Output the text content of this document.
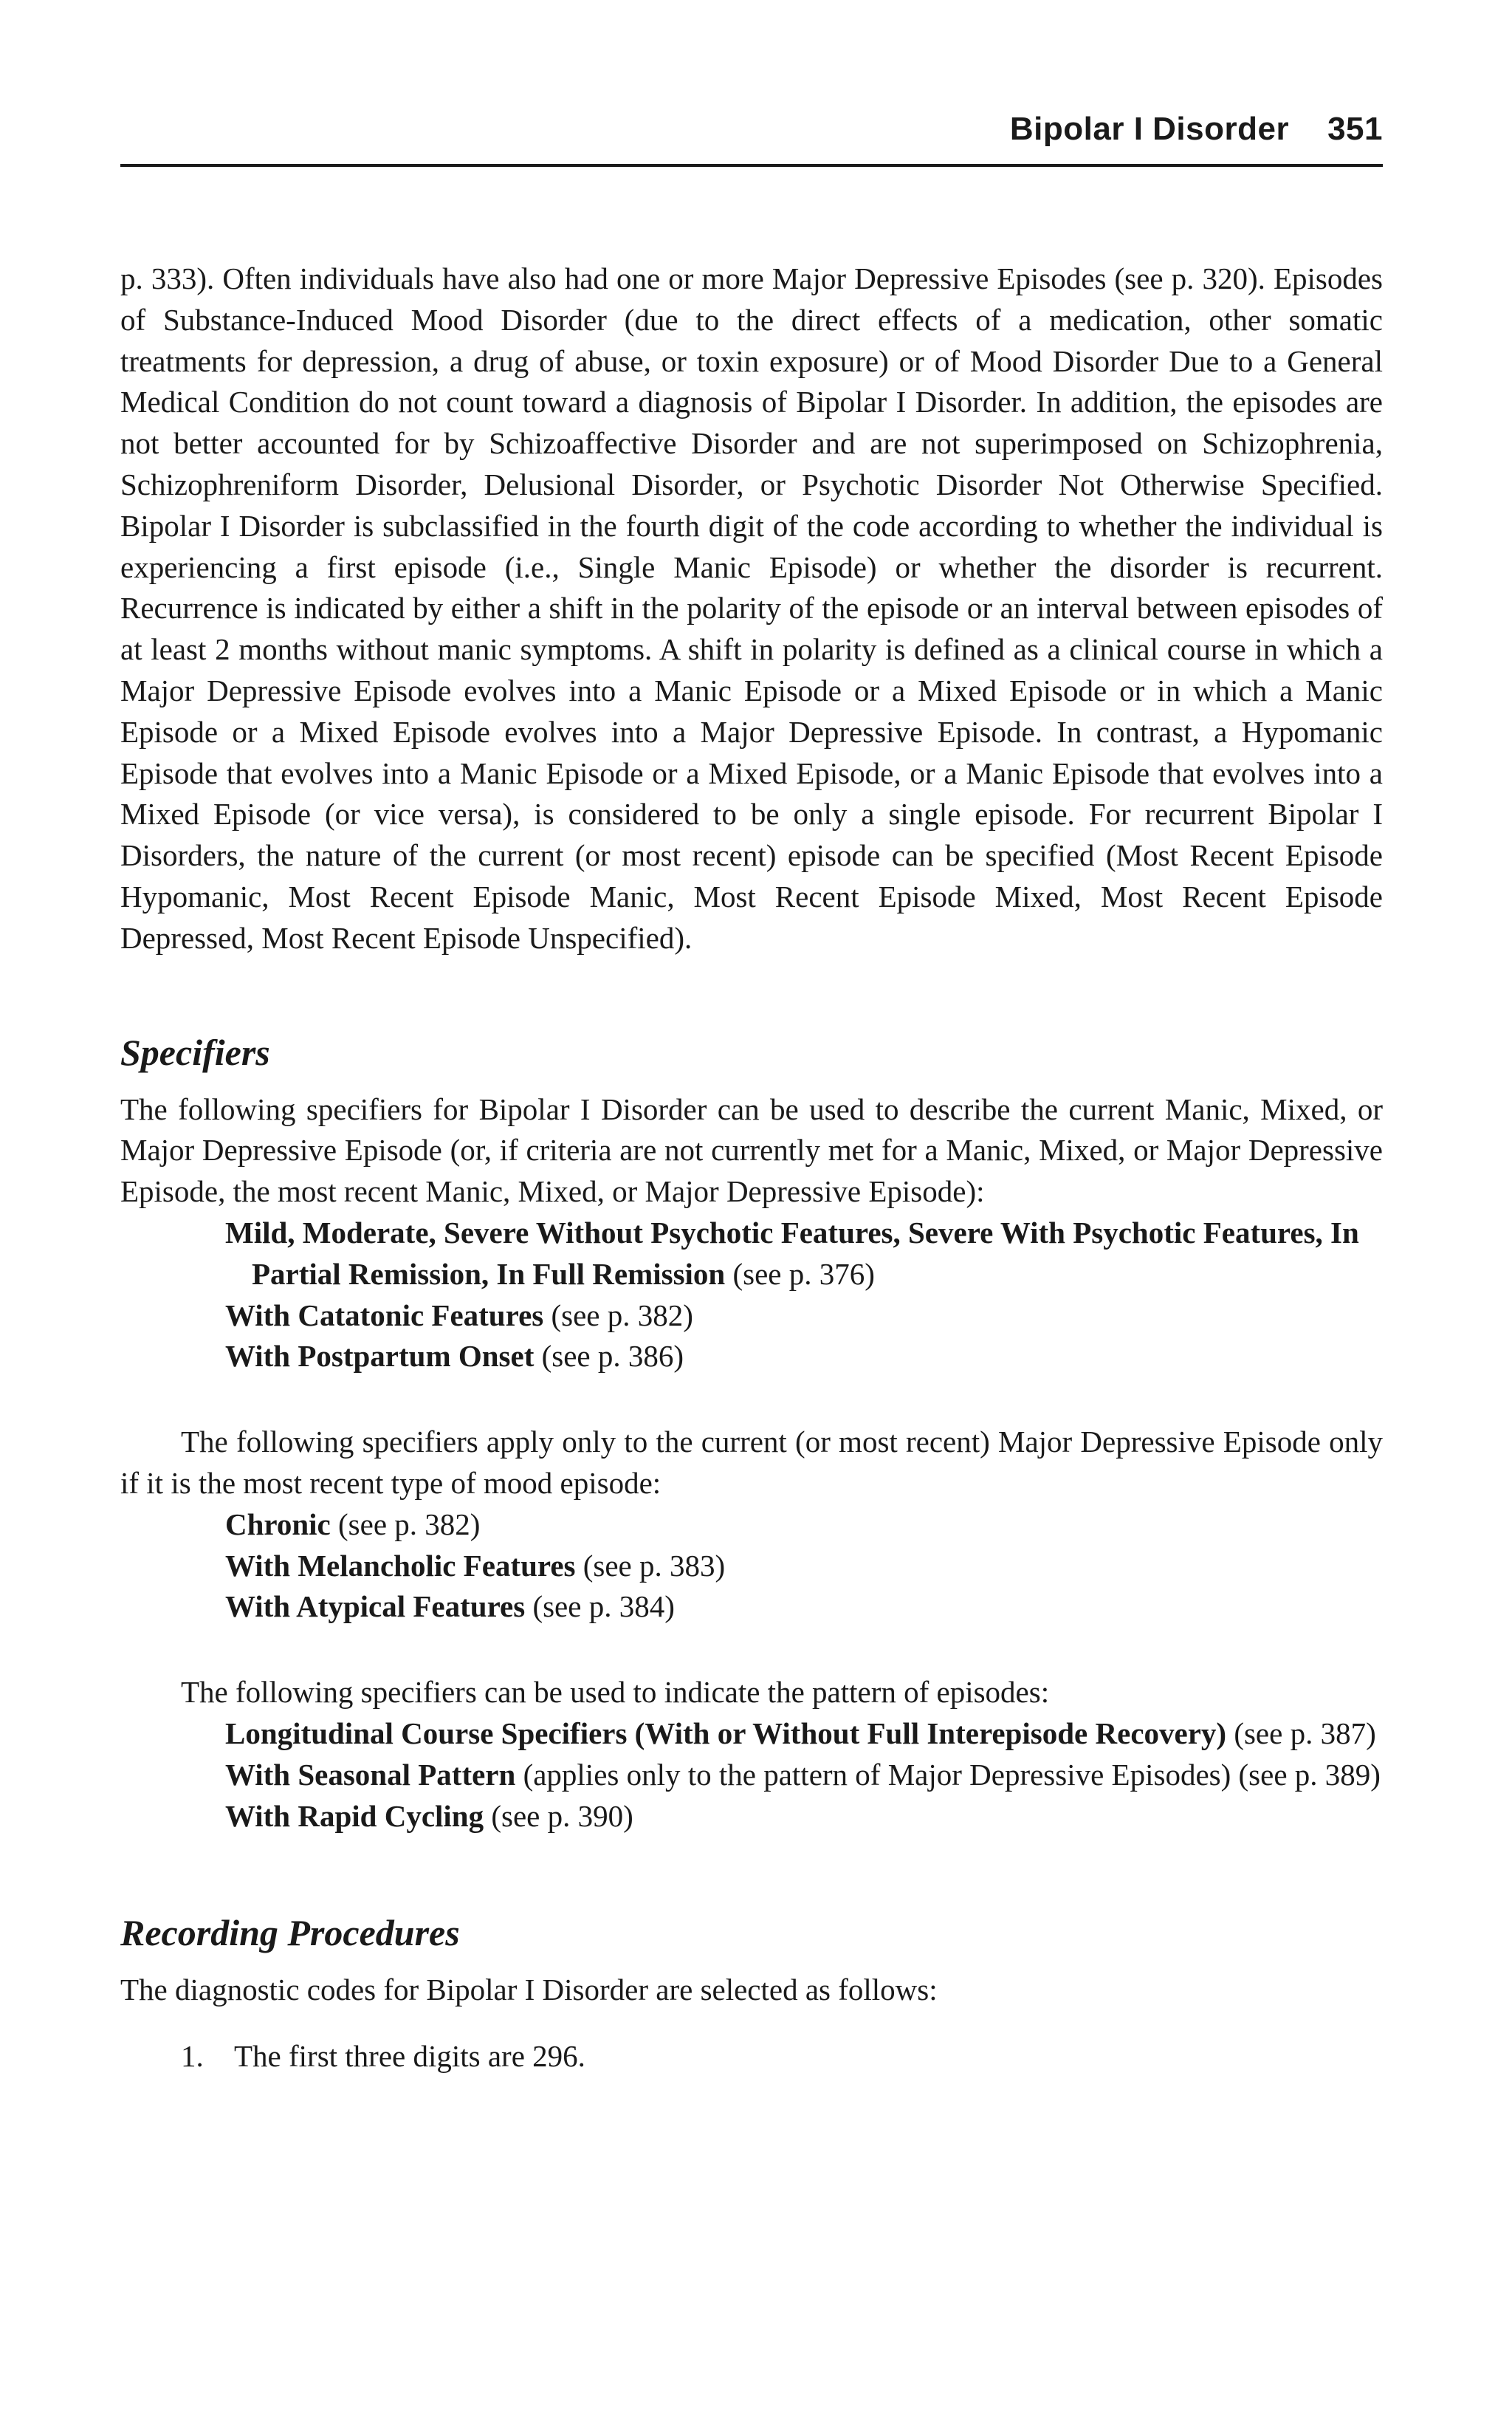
Bipolar I Disorder 351

p. 333). Often individuals have also had one or more Major Depressive Episodes (see p. 320). Episodes of Substance-Induced Mood Disorder (due to the direct effects of a medication, other somatic treatments for depression, a drug of abuse, or toxin exposure) or of Mood Disorder Due to a General Medical Condition do not count toward a diagnosis of Bipolar I Disorder. In addition, the episodes are not better accounted for by Schizoaffective Disorder and are not superimposed on Schizophrenia, Schizophreniform Disorder, Delusional Disorder, or Psychotic Disorder Not Otherwise Specified. Bipolar I Disorder is subclassified in the fourth digit of the code according to whether the individual is experiencing a first episode (i.e., Single Manic Episode) or whether the disorder is recurrent. Recurrence is indicated by either a shift in the polarity of the episode or an interval between episodes of at least 2 months without manic symptoms. A shift in polarity is defined as a clinical course in which a Major Depressive Episode evolves into a Manic Episode or a Mixed Episode or in which a Manic Episode or a Mixed Episode evolves into a Major Depressive Episode. In contrast, a Hypomanic Episode that evolves into a Manic Episode or a Mixed Episode, or a Manic Episode that evolves into a Mixed Episode (or vice versa), is considered to be only a single episode. For recurrent Bipolar I Disorders, the nature of the current (or most recent) episode can be specified (Most Recent Episode Hypomanic, Most Recent Episode Manic, Most Recent Episode Mixed, Most Recent Episode Depressed, Most Recent Episode Unspecified).

Specifiers

The following specifiers for Bipolar I Disorder can be used to describe the current Manic, Mixed, or Major Depressive Episode (or, if criteria are not currently met for a Manic, Mixed, or Major Depressive Episode, the most recent Manic, Mixed, or Major Depressive Episode):

Mild, Moderate, Severe Without Psychotic Features, Severe With Psychotic Features, In Partial Remission, In Full Remission (see p. 376)
With Catatonic Features (see p. 382)
With Postpartum Onset (see p. 386)

The following specifiers apply only to the current (or most recent) Major Depressive Episode only if it is the most recent type of mood episode:

Chronic (see p. 382)
With Melancholic Features (see p. 383)
With Atypical Features (see p. 384)

The following specifiers can be used to indicate the pattern of episodes:

Longitudinal Course Specifiers (With or Without Full Interepisode Recovery) (see p. 387)
With Seasonal Pattern (applies only to the pattern of Major Depressive Episodes) (see p. 389)
With Rapid Cycling (see p. 390)
Recording Procedures

The diagnostic codes for Bipolar I Disorder are selected as follows:

1. The first three digits are 296.
